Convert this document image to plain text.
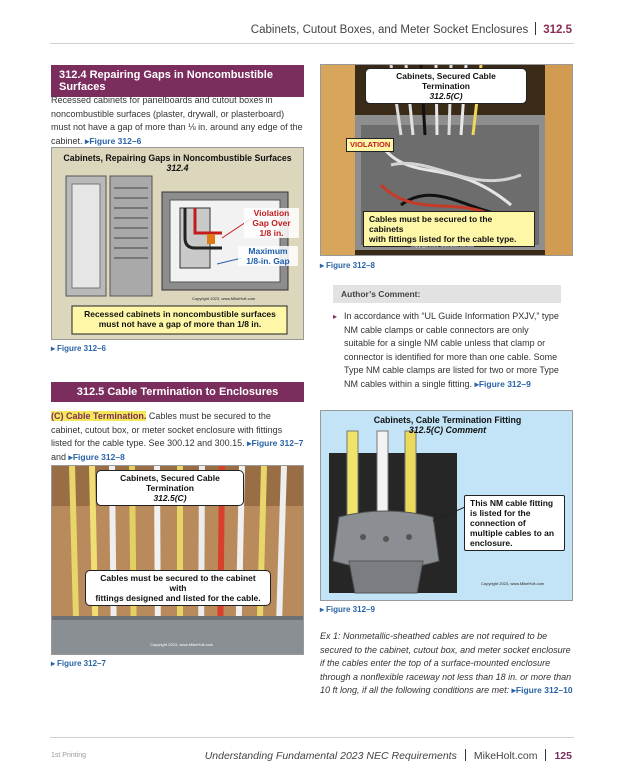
Cabinets, Cutout Boxes, and Meter Socket Enclosures 312.5
312.4 Repairing Gaps in Noncombustible Surfaces
Recessed cabinets for panelboards and cutout boxes in noncombustible surfaces (plaster, drywall, or plasterboard) must not have a gap of more than ⅛ in. around any edge of the cabinet. ▸Figure 312–6
Cabinets, Repairing Gaps in Noncombustible Surfaces
312.4
Violation
Gap Over
1/8 in.
Maximum
1/8-in. Gap
Copyright 2023, www.MikeHolt.com
Recessed cabinets in noncombustible surfaces
must not have a gap of more than 1/8 in.
▸ Figure 312–6
312.5 Cable Termination to Enclosures
(C) Cable Termination. Cables must be secured to the cabinet, cutout box, or meter socket enclosure with fittings listed for the cable type. See 300.12 and 300.15. ▸Figure 312–7 and ▸Figure 312–8
Cabinets, Secured Cable Termination
312.5(C)
Cables must be secured to the cabinet with
fittings designed and listed for the cable.
Copyright 2023, www.MikeHolt.com
▸ Figure 312–7
Cabinets, Secured Cable Termination
312.5(C)
VIOLATION
Cables must be secured to the cabinets
with fittings listed for the cable type.
Copyright 2023, www.MikeHolt.com
▸ Figure 312–8
Author’s Comment:
▸ In accordance with “UL Guide Information PXJV,” type NM cable clamps or cable connectors are only suitable for a single NM cable unless that clamp or connector is identified for more than one cable. Some Type NM cable clamps are listed for two or more Type NM cables within a single fitting. ▸Figure 312–9
Cabinets, Cable Termination Fitting
312.5(C) Comment
This NM cable fitting is listed for the connection of multiple cables to an enclosure.
Copyright 2023, www.MikeHolt.com
▸ Figure 312–9
Ex 1: Nonmetallic-sheathed cables are not required to be secured to the cabinet, cutout box, and meter socket enclosure if the cables enter the top of a surface-mounted enclosure through a nonflexible raceway not less than 18 in. or more than 10 ft long, if all the following conditions are met: ▸Figure 312–10
1st Printing	Understanding Fundamental 2023 NEC Requirements MikeHolt.com 125
